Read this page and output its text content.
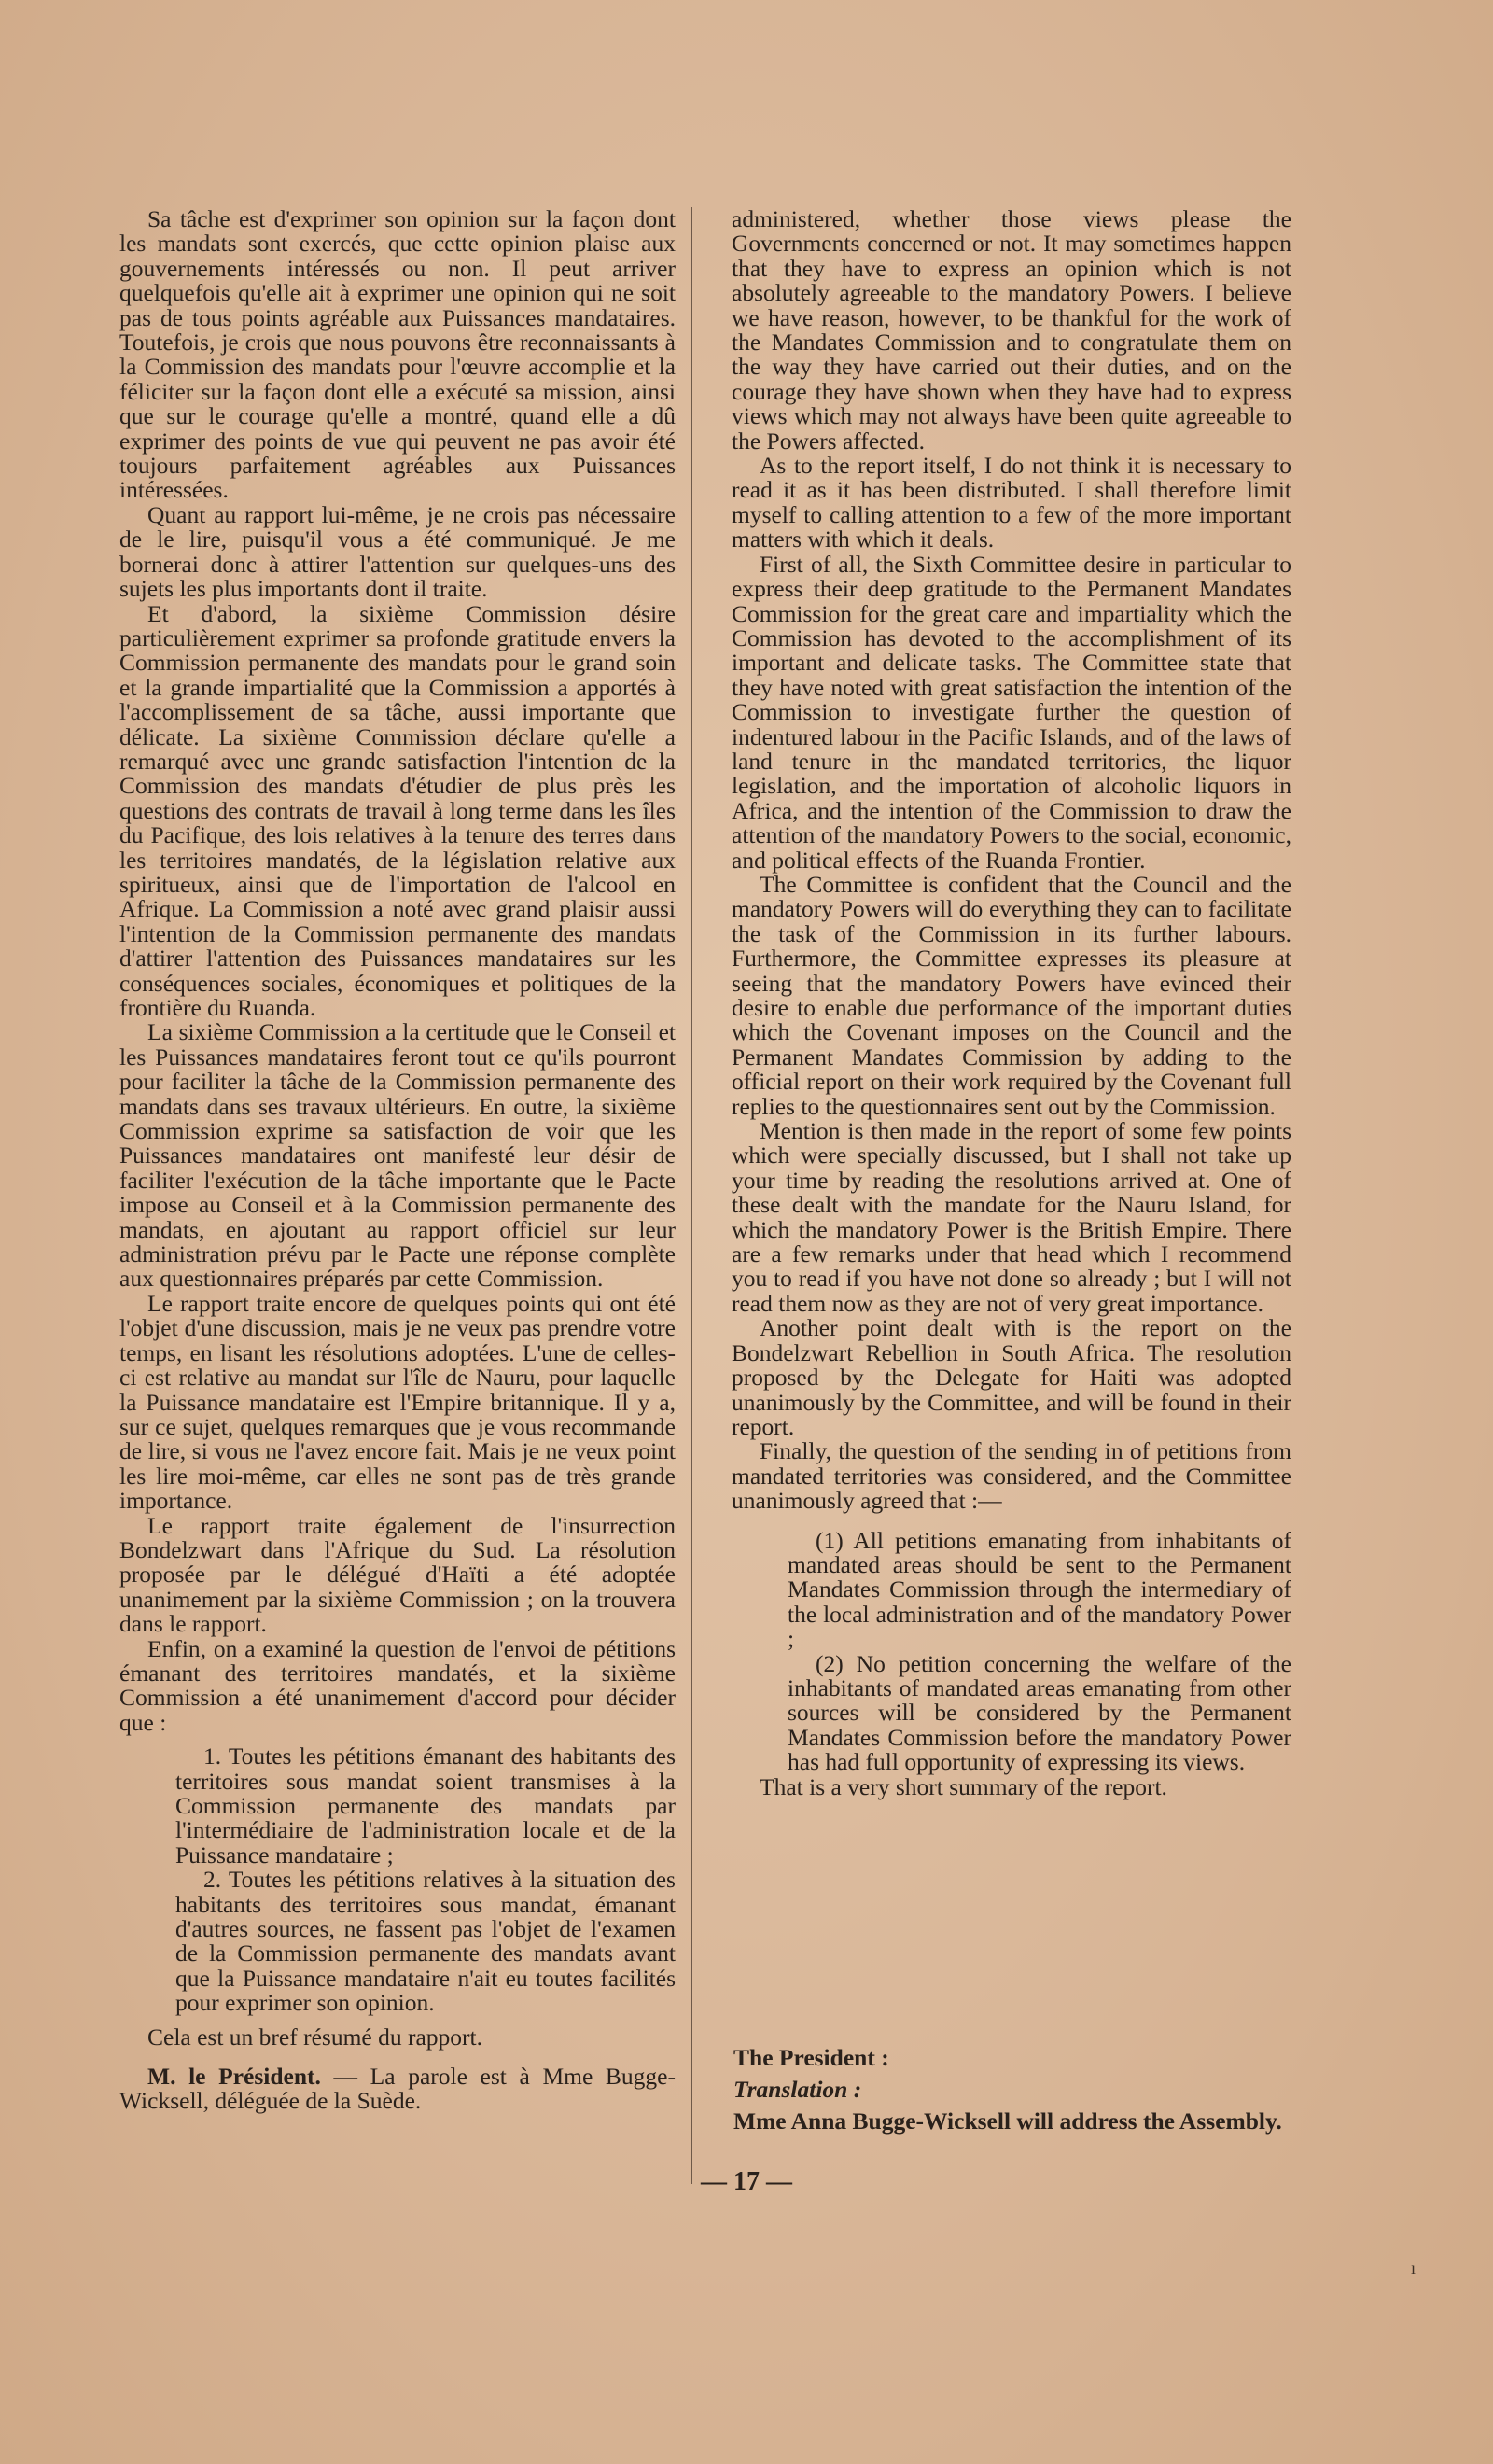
Sa tâche est d'exprimer son opinion sur la façon dont les mandats sont exercés, que cette opinion plaise aux gouvernements intéressés ou non. Il peut arriver quelquefois qu'elle ait à exprimer une opinion qui ne soit pas de tous points agréable aux Puissances mandataires. Toutefois, je crois que nous pouvons être reconnaissants à la Commission des mandats pour l'œuvre accomplie et la féliciter sur la façon dont elle a exécuté sa mission, ainsi que sur le courage qu'elle a montré, quand elle a dû exprimer des points de vue qui peuvent ne pas avoir été toujours parfaitement agréables aux Puissances intéressées.

Quant au rapport lui-même, je ne crois pas nécessaire de le lire, puisqu'il vous a été communiqué. Je me bornerai donc à attirer l'attention sur quelques-uns des sujets les plus importants dont il traite.

Et d'abord, la sixième Commission désire particulièrement exprimer sa profonde gratitude envers la Commission permanente des mandats pour le grand soin et la grande impartialité que la Commission a apportés à l'accomplissement de sa tâche, aussi importante que délicate. La sixième Commission déclare qu'elle a remarqué avec une grande satisfaction l'intention de la Commission des mandats d'étudier de plus près les questions des contrats de travail à long terme dans les îles du Pacifique, des lois relatives à la tenure des terres dans les territoires mandatés, de la législation relative aux spiritueux, ainsi que de l'importation de l'alcool en Afrique. La Commission a noté avec grand plaisir aussi l'intention de la Commission permanente des mandats d'attirer l'attention des Puissances mandataires sur les conséquences sociales, économiques et politiques de la frontière du Ruanda.

La sixième Commission a la certitude que le Conseil et les Puissances mandataires feront tout ce qu'ils pourront pour faciliter la tâche de la Commission permanente des mandats dans ses travaux ultérieurs. En outre, la sixième Commission exprime sa satisfaction de voir que les Puissances mandataires ont manifesté leur désir de faciliter l'exécution de la tâche importante que le Pacte impose au Conseil et à la Commission permanente des mandats, en ajoutant au rapport officiel sur leur administration prévu par le Pacte une réponse complète aux questionnaires préparés par cette Commission.

Le rapport traite encore de quelques points qui ont été l'objet d'une discussion, mais je ne veux pas prendre votre temps, en lisant les résolutions adoptées. L'une de celles-ci est relative au mandat sur l'île de Nauru, pour laquelle la Puissance mandataire est l'Empire britannique. Il y a, sur ce sujet, quelques remarques que je vous recommande de lire, si vous ne l'avez encore fait. Mais je ne veux point les lire moi-même, car elles ne sont pas de très grande importance.

Le rapport traite également de l'insurrection Bondelzwart dans l'Afrique du Sud. La résolution proposée par le délégué d'Haïti a été adoptée unanimement par la sixième Commission ; on la trouvera dans le rapport.

Enfin, on a examiné la question de l'envoi de pétitions émanant des territoires mandatés, et la sixième Commission a été unanimement d'accord pour décider que :

1. Toutes les pétitions émanant des habitants des territoires sous mandat soient transmises à la Commission permanente des mandats par l'intermédiaire de l'administration locale et de la Puissance mandataire ;

2. Toutes les pétitions relatives à la situation des habitants des territoires sous mandat, émanant d'autres sources, ne fassent pas l'objet de l'examen de la Commission permanente des mandats avant que la Puissance mandataire n'ait eu toutes facilités pour exprimer son opinion.

Cela est un bref résumé du rapport.

M. le Président. — La parole est à Mme Bugge-Wicksell, déléguée de la Suède.

administered, whether those views please the Governments concerned or not. It may sometimes happen that they have to express an opinion which is not absolutely agreeable to the mandatory Powers. I believe we have reason, however, to be thankful for the work of the Mandates Commission and to congratulate them on the way they have carried out their duties, and on the courage they have shown when they have had to express views which may not always have been quite agreeable to the Powers affected.

As to the report itself, I do not think it is necessary to read it as it has been distributed. I shall therefore limit myself to calling attention to a few of the more important matters with which it deals.

First of all, the Sixth Committee desire in particular to express their deep gratitude to the Permanent Mandates Commission for the great care and impartiality which the Commission has devoted to the accomplishment of its important and delicate tasks. The Committee state that they have noted with great satisfaction the intention of the Commission to investigate further the question of indentured labour in the Pacific Islands, and of the laws of land tenure in the mandated territories, the liquor legislation, and the importation of alcoholic liquors in Africa, and the intention of the Commission to draw the attention of the mandatory Powers to the social, economic, and political effects of the Ruanda Frontier.

The Committee is confident that the Council and the mandatory Powers will do everything they can to facilitate the task of the Commission in its further labours. Furthermore, the Committee expresses its pleasure at seeing that the mandatory Powers have evinced their desire to enable due performance of the important duties which the Covenant imposes on the Council and the Permanent Mandates Commission by adding to the official report on their work required by the Covenant full replies to the questionnaires sent out by the Commission.

Mention is then made in the report of some few points which were specially discussed, but I shall not take up your time by reading the resolutions arrived at. One of these dealt with the mandate for the Nauru Island, for which the mandatory Power is the British Empire. There are a few remarks under that head which I recommend you to read if you have not done so already ; but I will not read them now as they are not of very great importance.

Another point dealt with is the report on the Bondelzwart Rebellion in South Africa. The resolution proposed by the Delegate for Haiti was adopted unanimously by the Committee, and will be found in their report.

Finally, the question of the sending in of petitions from mandated territories was considered, and the Committee unanimously agreed that :—

(1) All petitions emanating from inhabitants of mandated areas should be sent to the Permanent Mandates Commission through the intermediary of the local administration and of the mandatory Power ;

(2) No petition concerning the welfare of the inhabitants of mandated areas emanating from other sources will be considered by the Permanent Mandates Commission before the mandatory Power has had full opportunity of expressing its views.

That is a very short summary of the report.

The President :
Translation :
Mme Anna Bugge-Wicksell will address the Assembly.
— 17 —
ı
